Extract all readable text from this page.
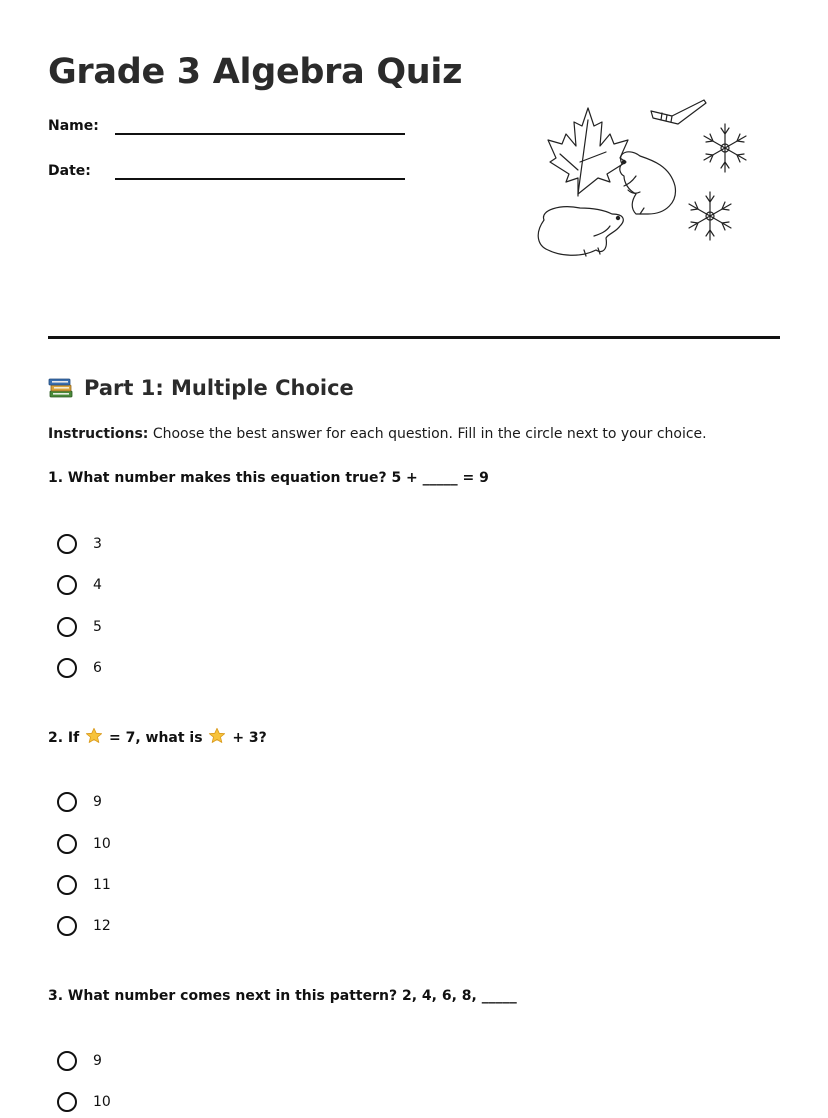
Grade 3 Algebra Quiz
Name:
Date:
Part 1: Multiple Choice
Instructions: Choose the best answer for each question. Fill in the circle next to your choice.
1. What number makes this equation true? 5 + _____ = 9
3
4
5
6
2. If  = 7, what is  + 3?
9
10
11
12
3. What number comes next in this pattern? 2, 4, 6, 8, _____
9
10
